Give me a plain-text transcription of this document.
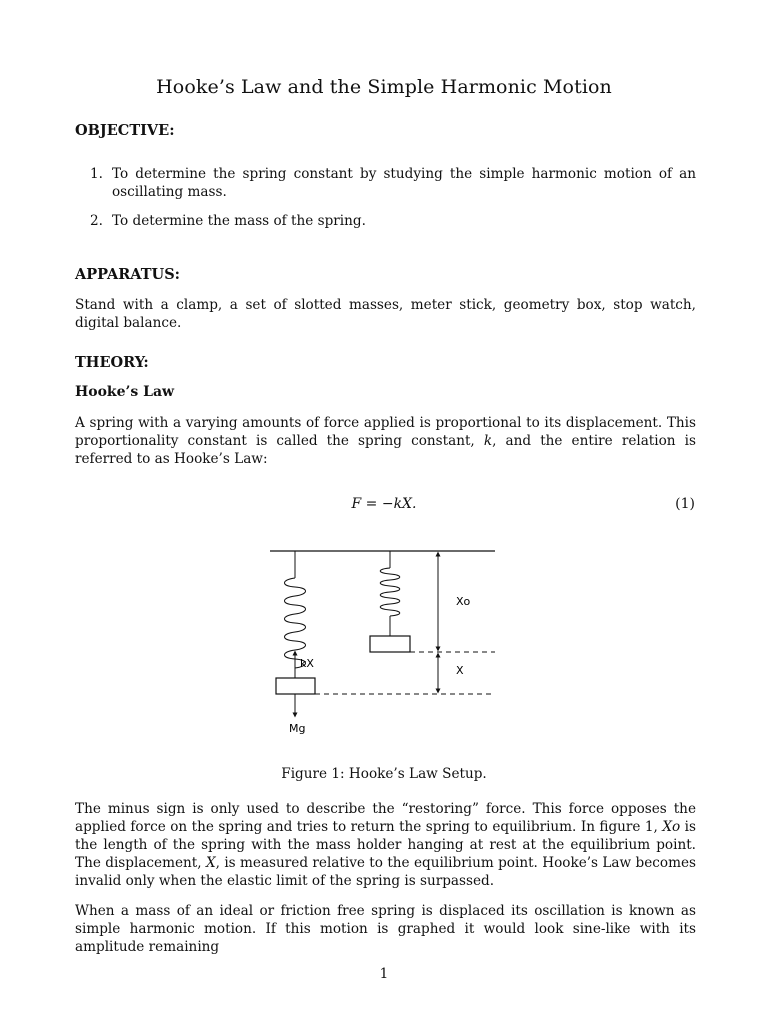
Hooke’s Law and the Simple Harmonic Motion
OBJECTIVE:
1. To determine the spring constant by studying the simple harmonic motion of an oscillating mass.
2. To determine the mass of the spring.
APPARATUS:
Stand with a clamp, a set of slotted masses, meter stick, geometry box, stop watch, digital balance.
THEORY:
Hooke’s Law
A spring with a varying amounts of force applied is proportional to its displacement. This proportionality constant is called the spring constant, k, and the entire relation is referred to as Hooke’s Law:
F = −kX.	(1)
kX
Mg
Xo
X
Figure 1: Hooke’s Law Setup.
The minus sign is only used to describe the “restoring” force. This force opposes the applied force on the spring and tries to return the spring to equilibrium. In figure 1, Xo is the length of the spring with the mass holder hanging at rest at the equilibrium point. The displacement, X, is measured relative to the equilibrium point. Hooke’s Law becomes invalid only when the elastic limit of the spring is surpassed.
When a mass of an ideal or friction free spring is displaced its oscillation is known as simple harmonic motion. If this motion is graphed it would look sine-like with its amplitude remaining
1
